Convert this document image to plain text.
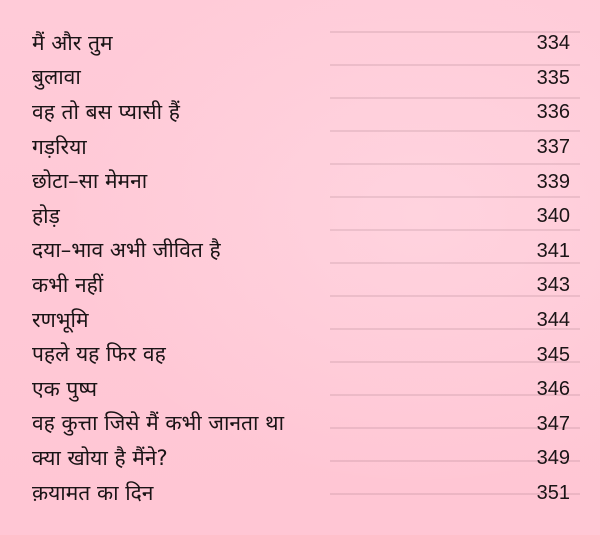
मैं और तुम	334
बुलावा	335
वह तो बस प्यासी हैं	336
गड़रिया	337
छोटा–सा मेमना	339
होड़	340
दया–भाव अभी जीवित है	341
कभी नहीं	343
रणभूमि	344
पहले यह फिर वह	345
एक पुष्प	346
वह कुत्ता जिसे मैं कभी जानता था	347
क्या खोया है मैंने?	349
क़यामत का दिन	351
